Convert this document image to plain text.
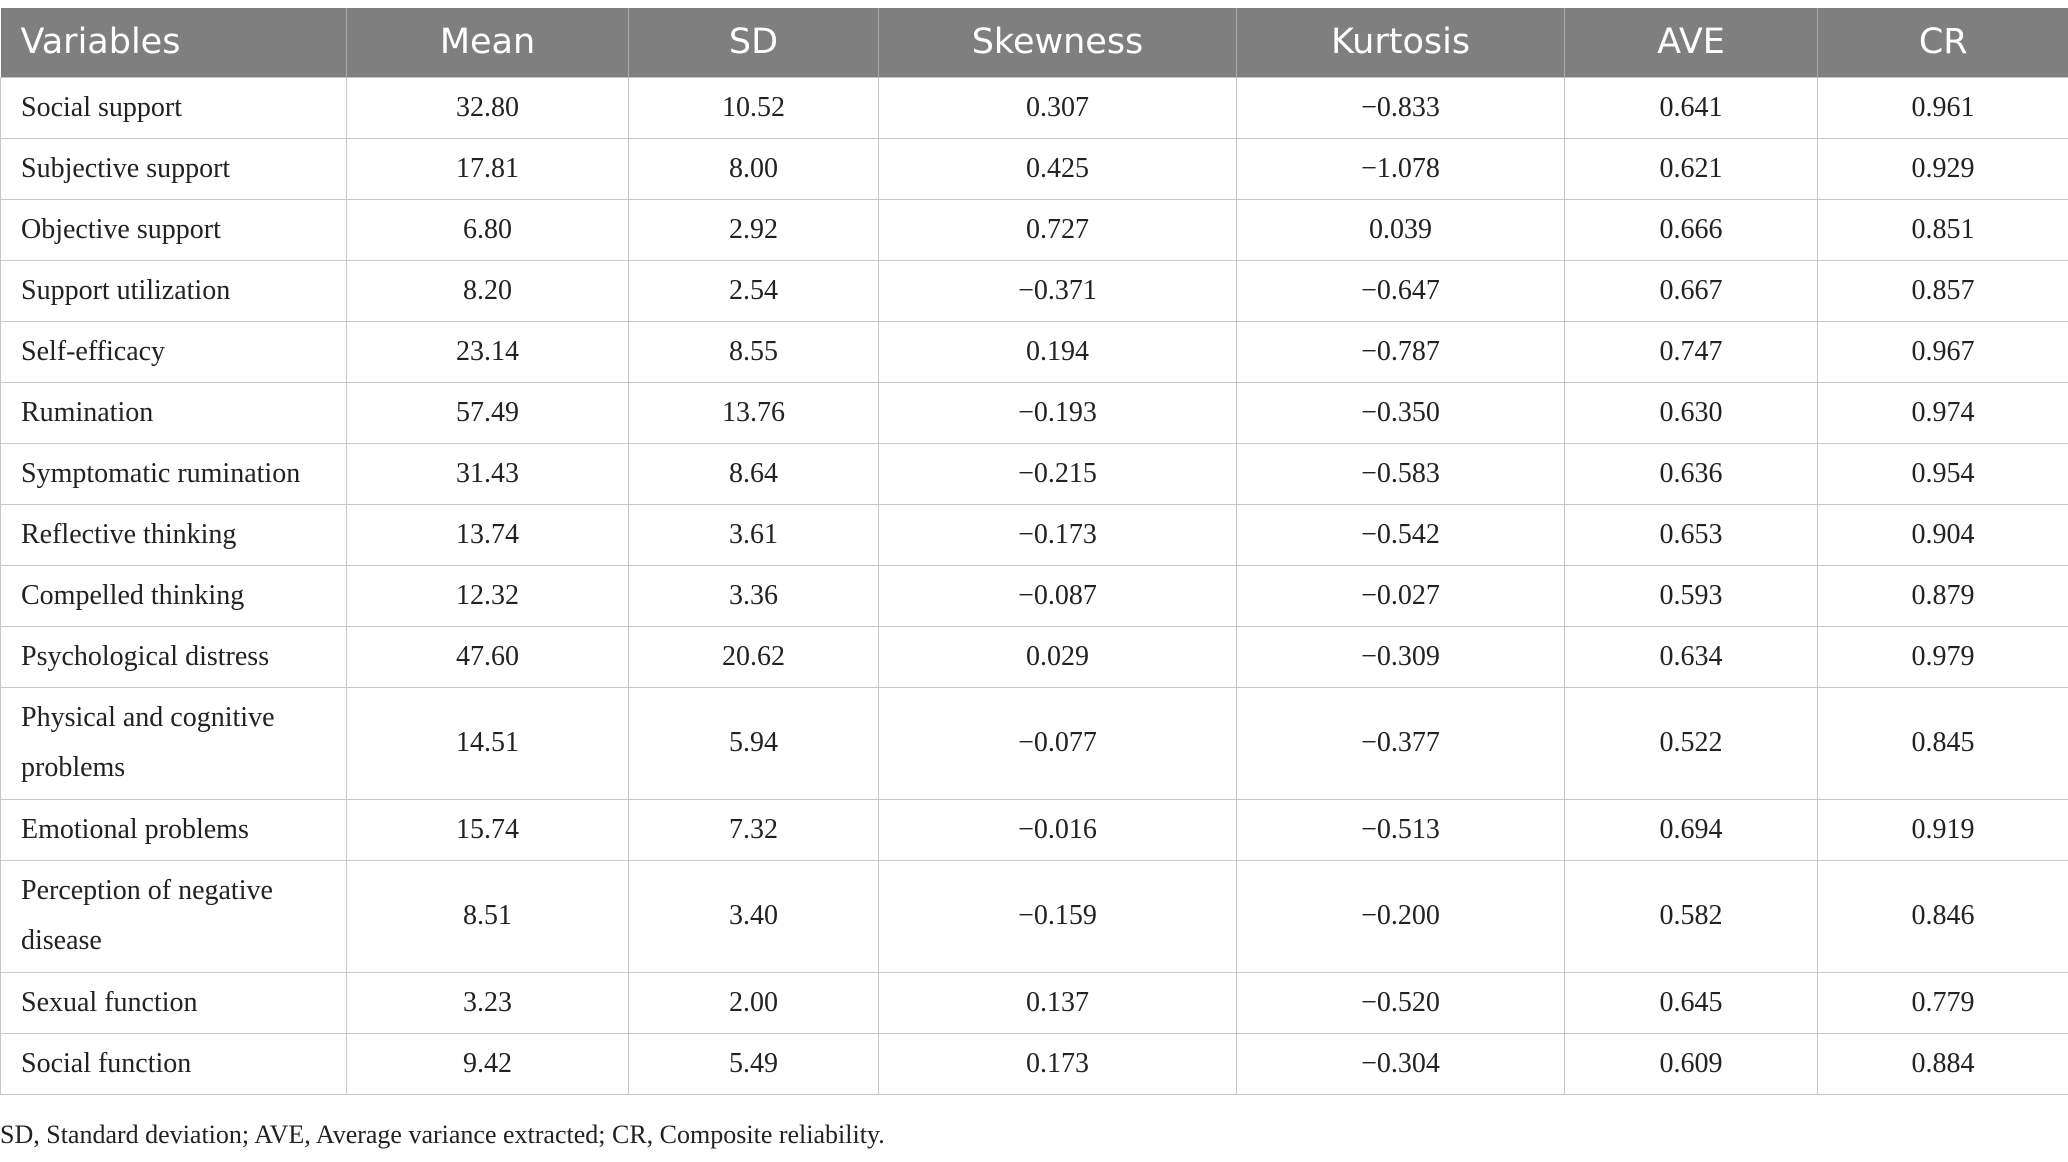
Variables	Mean	SD	Skewness	Kurtosis	AVE	CR
Social support	32.80	10.52	0.307	−0.833	0.641	0.961
Subjective support	17.81	8.00	0.425	−1.078	0.621	0.929
Objective support	6.80	2.92	0.727	0.039	0.666	0.851
Support utilization	8.20	2.54	−0.371	−0.647	0.667	0.857
Self-efficacy	23.14	8.55	0.194	−0.787	0.747	0.967
Rumination	57.49	13.76	−0.193	−0.350	0.630	0.974
Symptomatic rumination	31.43	8.64	−0.215	−0.583	0.636	0.954
Reflective thinking	13.74	3.61	−0.173	−0.542	0.653	0.904
Compelled thinking	12.32	3.36	−0.087	−0.027	0.593	0.879
Psychological distress	47.60	20.62	0.029	−0.309	0.634	0.979
Physical and cognitive problems	14.51	5.94	−0.077	−0.377	0.522	0.845
Emotional problems	15.74	7.32	−0.016	−0.513	0.694	0.919
Perception of negative disease	8.51	3.40	−0.159	−0.200	0.582	0.846
Sexual function	3.23	2.00	0.137	−0.520	0.645	0.779
Social function	9.42	5.49	0.173	−0.304	0.609	0.884
SD, Standard deviation; AVE, Average variance extracted; CR, Composite reliability.
